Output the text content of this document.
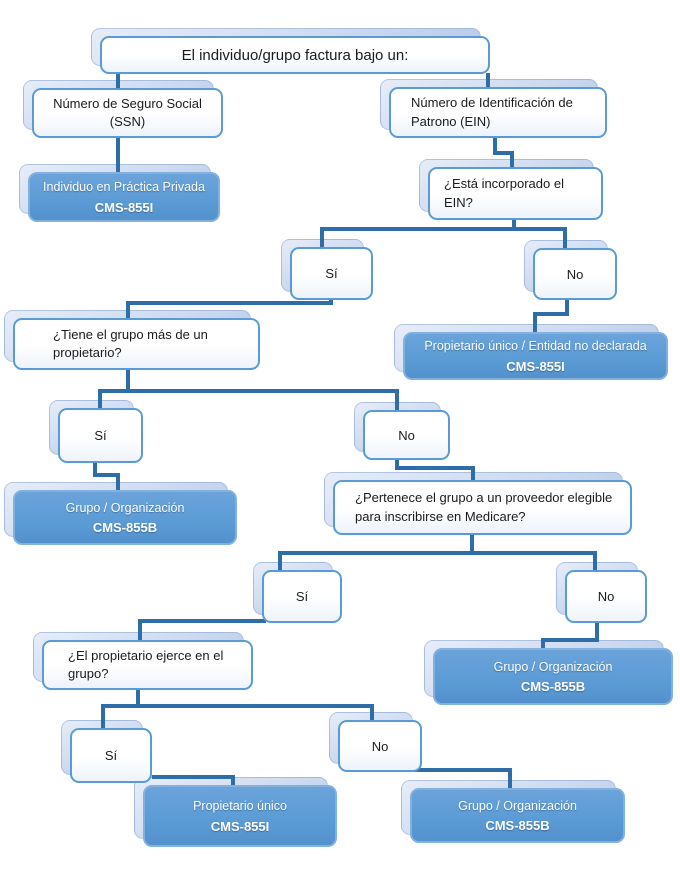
El individuo/grupo factura bajo un:
Número de Seguro Social (SSN)
Número de Identificación de Patrono (EIN)
Individuo en Práctica Privada
CMS-855I
¿Está incorporado el EIN?
Sí	No
Propietario único / Entidad no declarada
CMS-855I
¿Tiene el grupo más de un propietario?
Sí	No
Grupo / Organización
CMS-855B
¿Pertenece el grupo a un proveedor elegible para inscribirse en Medicare?
Sí	No
Grupo / Organización
CMS-855B
¿El propietario ejerce en el grupo?
Sí
No
Propietario único
CMS-855I
Grupo / Organización
CMS-855B
